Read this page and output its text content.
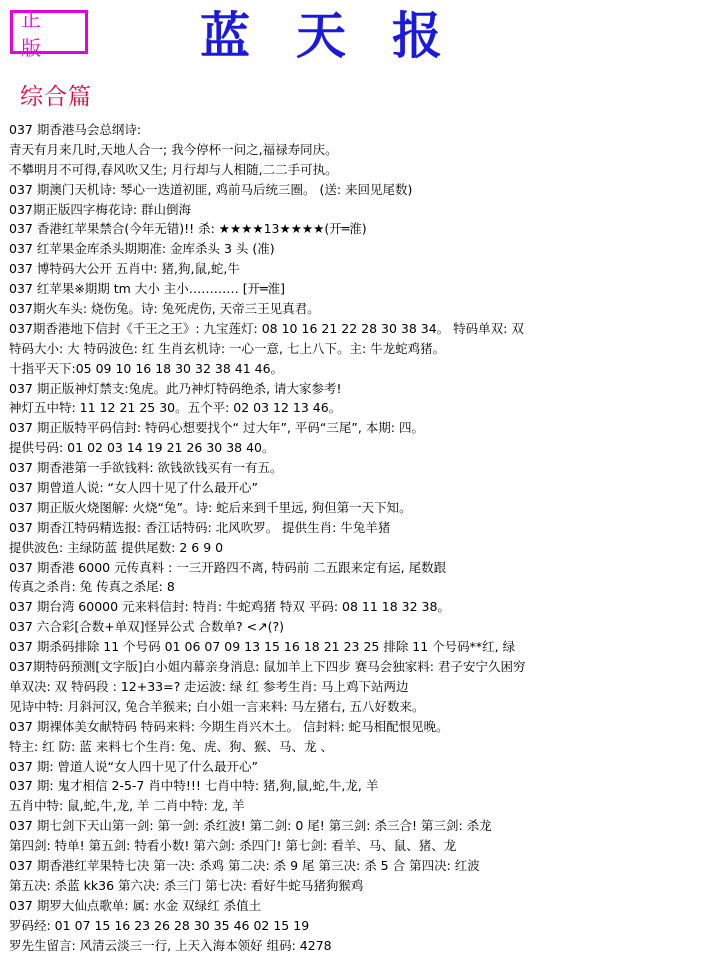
正 版	蓝天报
综合篇
037 期香港马会总纲诗:
青天有月来几时,天地人合一; 我今停杯一问之,福禄寿同庆。
不攀明月不可得,春风吹又生; 月行却与人相随,二二手可执。
037 期澳门天机诗: 琴心一迭道初匪, 鸡前马后统三圈。 (送: 来回见尾数)
037期正版四字梅花诗: 群山倒海
037 香港红苹果禁合(今年无错)!! 杀: ★★★★13★★★★(开═淮)
037 红苹果金库杀头期期准: 金库杀头 3 头 (准)
037 博特码大公开 五肖中: 猪,狗,鼠,蛇,牛
037 红苹果※期期 tm 大小 主小………… [开═淮]
037期火车头: 烧伤兔。诗: 兔死虎伤, 天帝三王见真君。
037期香港地下信封《千王之王》: 九宝莲灯: 08 10 16 21 22 28 30 38 34。 特码单双: 双
特码大小: 大 特码波色: 红 生肖玄机诗: 一心一意, 七上八下。主: 牛龙蛇鸡猪。
十指平天下:05 09 10 16 18 30 32 38 41 46。
037 期正版神灯禁支:兔虎。此乃神灯特码绝杀, 请大家参考!
神灯五中特: 11 12 21 25 30。五个平: 02 03 12 13 46。
037 期正版特平码信封: 特码心想要找个“ 过大年”, 平码“三尾”, 本期: 四。
提供号码: 01 02 03 14 19 21 26 30 38 40。
037 期香港第一手欲钱料: 欲钱欲钱买有一有五。
037 期曾道人说: “女人四十见了什么最开心”
037 期正版火烧图解: 火烧“兔”。诗: 蛇后来到千里远, 狗但第一天下知。
037 期香江特码精选报: 香江话特码: 北风吹罗。 提供生肖: 牛兔羊猪
提供波色: 主绿防蓝 提供尾数: 2 6 9 0
037 期香港 6000 元传真料 : 一三开路四不离, 特码前 二五跟来定有运, 尾数跟
传真之杀肖: 兔 传真之杀尾: 8
037 期台湾 60000 元来料信封: 特肖: 牛蛇鸡猪 特双 平码: 08 11 18 32 38。
037 六合彩[合数+单双]怪异公式 合数单? <↗(?)
037 期杀码排除 11 个号码 01 06 07 09 13 15 16 18 21 23 25 排除 11 个号码**红, 绿
037期特码预测[文字版]白小姐内幕亲身消息: 鼠加羊上下四步 赛马会独家料: 君子安宁久困穷
单双决: 双 特码段 : 12+33=? 走运波: 绿 红 参考生肖: 马上鸡下站两边
见诗中特: 月斜河汉, 兔合羊猴来; 白小姐一言来料: 马左猪右, 五八好数来。
037 期裸体美女献特码 特码来料: 今期生肖兴木土。 信封料: 蛇马相配恨见晚。
特主: 红 防: 蓝 来料七个生肖: 兔、虎、狗、猴、马、龙 、
037 期: 曾道人说“女人四十见了什么最开心”
037 期: 鬼才相信 2-5-7 肖中特!!! 七肖中特: 猪,狗,鼠,蛇,牛,龙, 羊
五肖中特: 鼠,蛇,牛,龙, 羊 二肖中特: 龙, 羊
037 期七剑下天山第一剑: 第一剑: 杀红波! 第二剑: 0 尾! 第三剑: 杀三合! 第三剑: 杀龙
第四剑: 特单! 第五剑: 特看小数! 第六剑: 杀四门! 第七剑: 看羊、马、鼠、猪、龙
037 期香港红苹果特七决 第一决: 杀鸡 第二决: 杀 9 尾 第三决: 杀 5 合 第四决: 红波
第五决: 杀蓝 kk36 第六决: 杀三门 第七决: 看好牛蛇马猪狗猴鸡
037 期罗大仙点歌单: 属: 水金 双绿红 杀值土
罗码经: 01 07 15 16 23 26 28 30 35 46 02 15 19
罗先生留言: 风清云淡三一行, 上天入海本领好 组码: 4278
